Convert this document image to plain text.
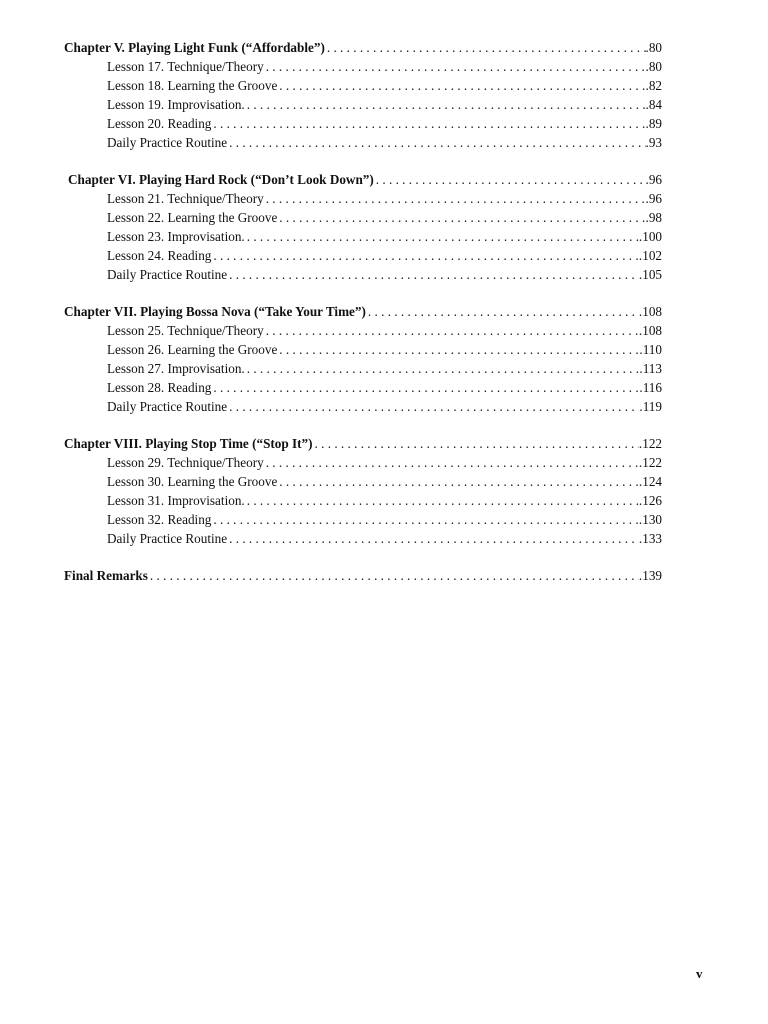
Chapter V. Playing Light Funk (“Affordable”) . . .	.80
Lesson 17. Technique/Theory . . .	.80
Lesson 18. Learning the Groove . . .	.82
Lesson 19. Improvisation. . . .	.84
Lesson 20. Reading . . .	.89
Daily Practice Routine . . .	.93
Chapter VI. Playing Hard Rock (“Don’t Look Down”) . . .	.96
Lesson 21. Technique/Theory . . .	.96
Lesson 22. Learning the Groove . . .	.98
Lesson 23. Improvisation. . . .	.100
Lesson 24. Reading . . .	.102
Daily Practice Routine . . .	.105
Chapter VII. Playing Bossa Nova (“Take Your Time”) . . .	.108
Lesson 25. Technique/Theory . . .	.108
Lesson 26. Learning the Groove . . .	.110
Lesson 27. Improvisation. . . .	.113
Lesson 28. Reading . . .	.116
Daily Practice Routine . . .	.119
Chapter VIII. Playing Stop Time (“Stop It”) . . .	.122
Lesson 29. Technique/Theory . . .	.122
Lesson 30. Learning the Groove . . .	.124
Lesson 31. Improvisation. . . .	.126
Lesson 32. Reading . . .	.130
Daily Practice Routine . . .	.133
Final Remarks . . .	.139
v
